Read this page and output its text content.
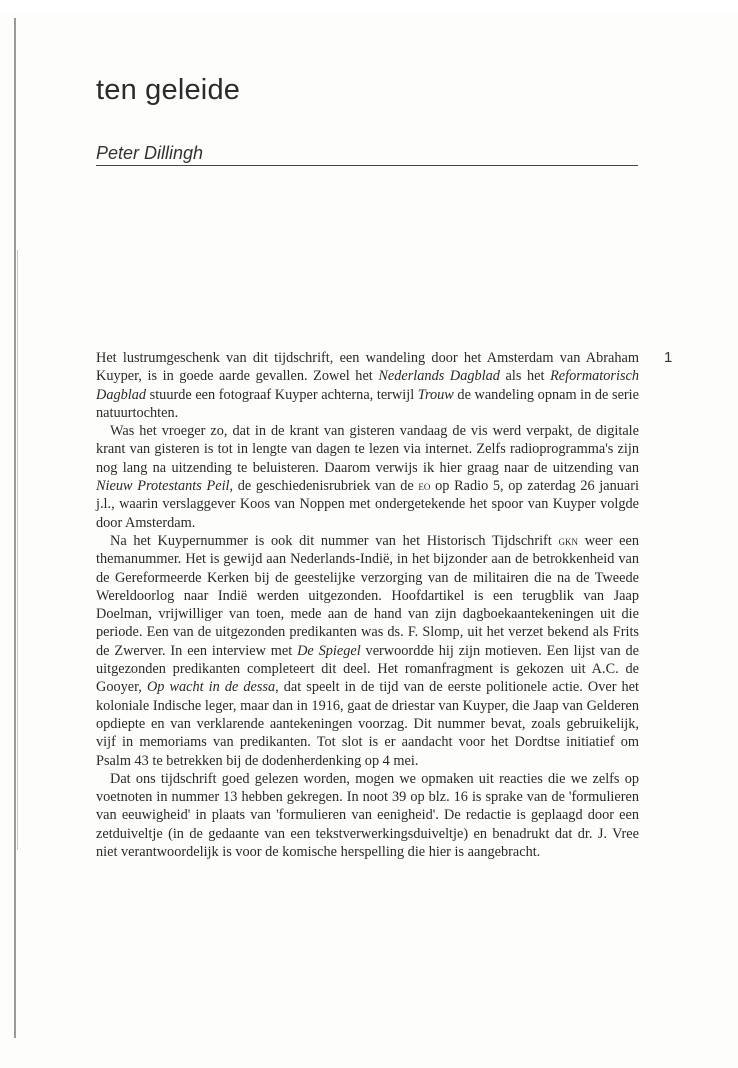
ten geleide
Peter Dillingh
1

Het lustrumgeschenk van dit tijdschrift, een wandeling door het Amsterdam van Abraham Kuyper, is in goede aarde gevallen. Zowel het Nederlands Dagblad als het Reformatorisch Dagblad stuurde een fotograaf Kuyper achterna, terwijl Trouw de wandeling opnam in de serie natuurtochten.

Was het vroeger zo, dat in de krant van gisteren vandaag de vis werd verpakt, de digitale krant van gisteren is tot in lengte van dagen te lezen via internet. Zelfs radioprogramma's zijn nog lang na uitzending te beluisteren. Daarom verwijs ik hier graag naar de uitzending van Nieuw Protestants Peil, de geschiedenisrubriek van de eo op Radio 5, op zaterdag 26 januari j.l., waarin verslaggever Koos van Noppen met ondergetekende het spoor van Kuyper volgde door Amsterdam.

Na het Kuypernummer is ook dit nummer van het Historisch Tijdschrift gkn weer een themanummer. Het is gewijd aan Nederlands-Indië, in het bijzonder aan de betrokkenheid van de Gereformeerde Kerken bij de geestelijke verzorging van de militairen die na de Tweede Wereldoorlog naar Indië werden uitgezonden. Hoofdartikel is een terugblik van Jaap Doelman, vrijwilliger van toen, mede aan de hand van zijn dagboekaantekeningen uit die periode. Een van de uitgezonden predikanten was ds. F. Slomp, uit het verzet bekend als Frits de Zwerver. In een interview met De Spiegel verwoordde hij zijn motieven. Een lijst van de uitgezonden predikanten completeert dit deel. Het romanfragment is gekozen uit A.C. de Gooyer, Op wacht in de dessa, dat speelt in de tijd van de eerste politionele actie. Over het koloniale Indische leger, maar dan in 1916, gaat de driestar van Kuyper, die Jaap van Gelderen opdiepte en van verklarende aantekeningen voorzag. Dit nummer bevat, zoals gebruikelijk, vijf in memoriams van predikanten. Tot slot is er aandacht voor het Dordtse initiatief om Psalm 43 te betrekken bij de dodenherdenking op 4 mei.

Dat ons tijdschrift goed gelezen worden, mogen we opmaken uit reacties die we zelfs op voetnoten in nummer 13 hebben gekregen. In noot 39 op blz. 16 is sprake van de 'formulieren van eeuwigheid' in plaats van 'formulieren van eenigheid'. De redactie is geplaagd door een zetduiveltje (in de gedaante van een tekstverwerkingsduiveltje) en benadrukt dat dr. J. Vree niet verantwoordelijk is voor de komische herspelling die hier is aangebracht.
